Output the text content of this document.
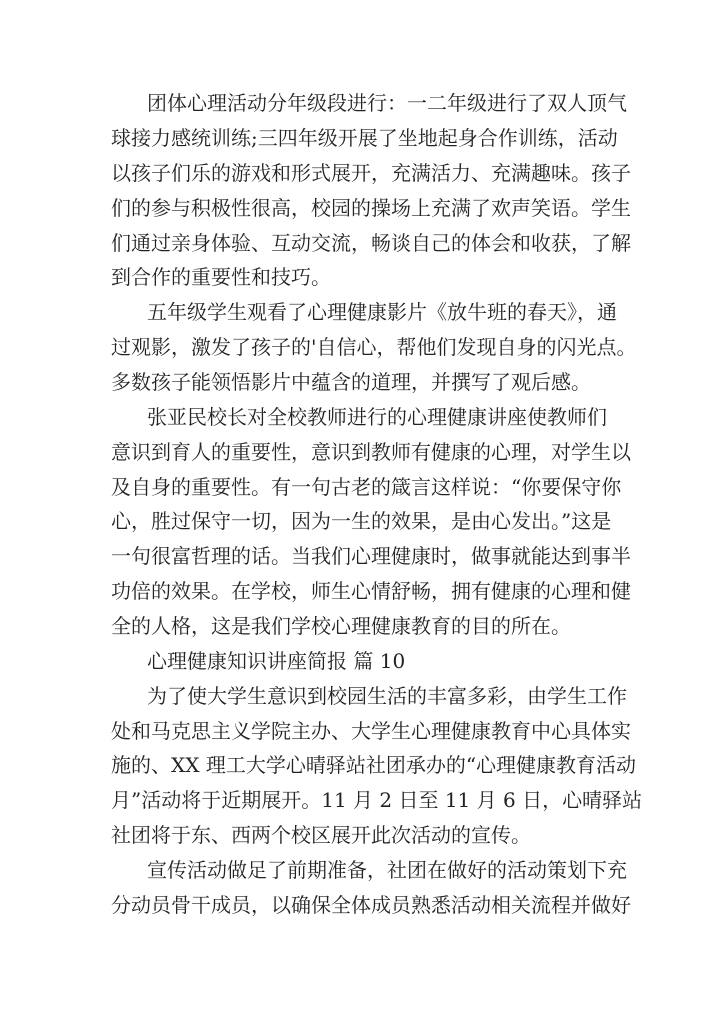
团体心理活动分年级段进行：一二年级进行了双人顶气
球接力感统训练;三四年级开展了坐地起身合作训练，活动
以孩子们乐的游戏和形式展开，充满活力、充满趣味。孩子
们的参与积极性很高，校园的操场上充满了欢声笑语。学生
们通过亲身体验、互动交流，畅谈自己的体会和收获，了解
到合作的重要性和技巧。
五年级学生观看了心理健康影片《放牛班的春天》，通
过观影，激发了孩子的'自信心，帮他们发现自身的闪光点。
多数孩子能领悟影片中蕴含的道理，并撰写了观后感。
张亚民校长对全校教师进行的心理健康讲座使教师们
意识到育人的重要性，意识到教师有健康的心理，对学生以
及自身的重要性。有一句古老的箴言这样说：“你要保守你
心，胜过保守一切，因为一生的效果，是由心发出。”这是
一句很富哲理的话。当我们心理健康时，做事就能达到事半
功倍的效果。在学校，师生心情舒畅，拥有健康的心理和健
全的人格，这是我们学校心理健康教育的目的所在。
心理健康知识讲座简报 篇 10
为了使大学生意识到校园生活的丰富多彩，由学生工作
处和马克思主义学院主办、大学生心理健康教育中心具体实
施的、XX 理工大学心晴驿站社团承办的“心理健康教育活动
月”活动将于近期展开。11 月 2 日至 11 月 6 日，心晴驿站
社团将于东、西两个校区展开此次活动的宣传。
宣传活动做足了前期准备，社团在做好的活动策划下充
分动员骨干成员，以确保全体成员熟悉活动相关流程并做好
